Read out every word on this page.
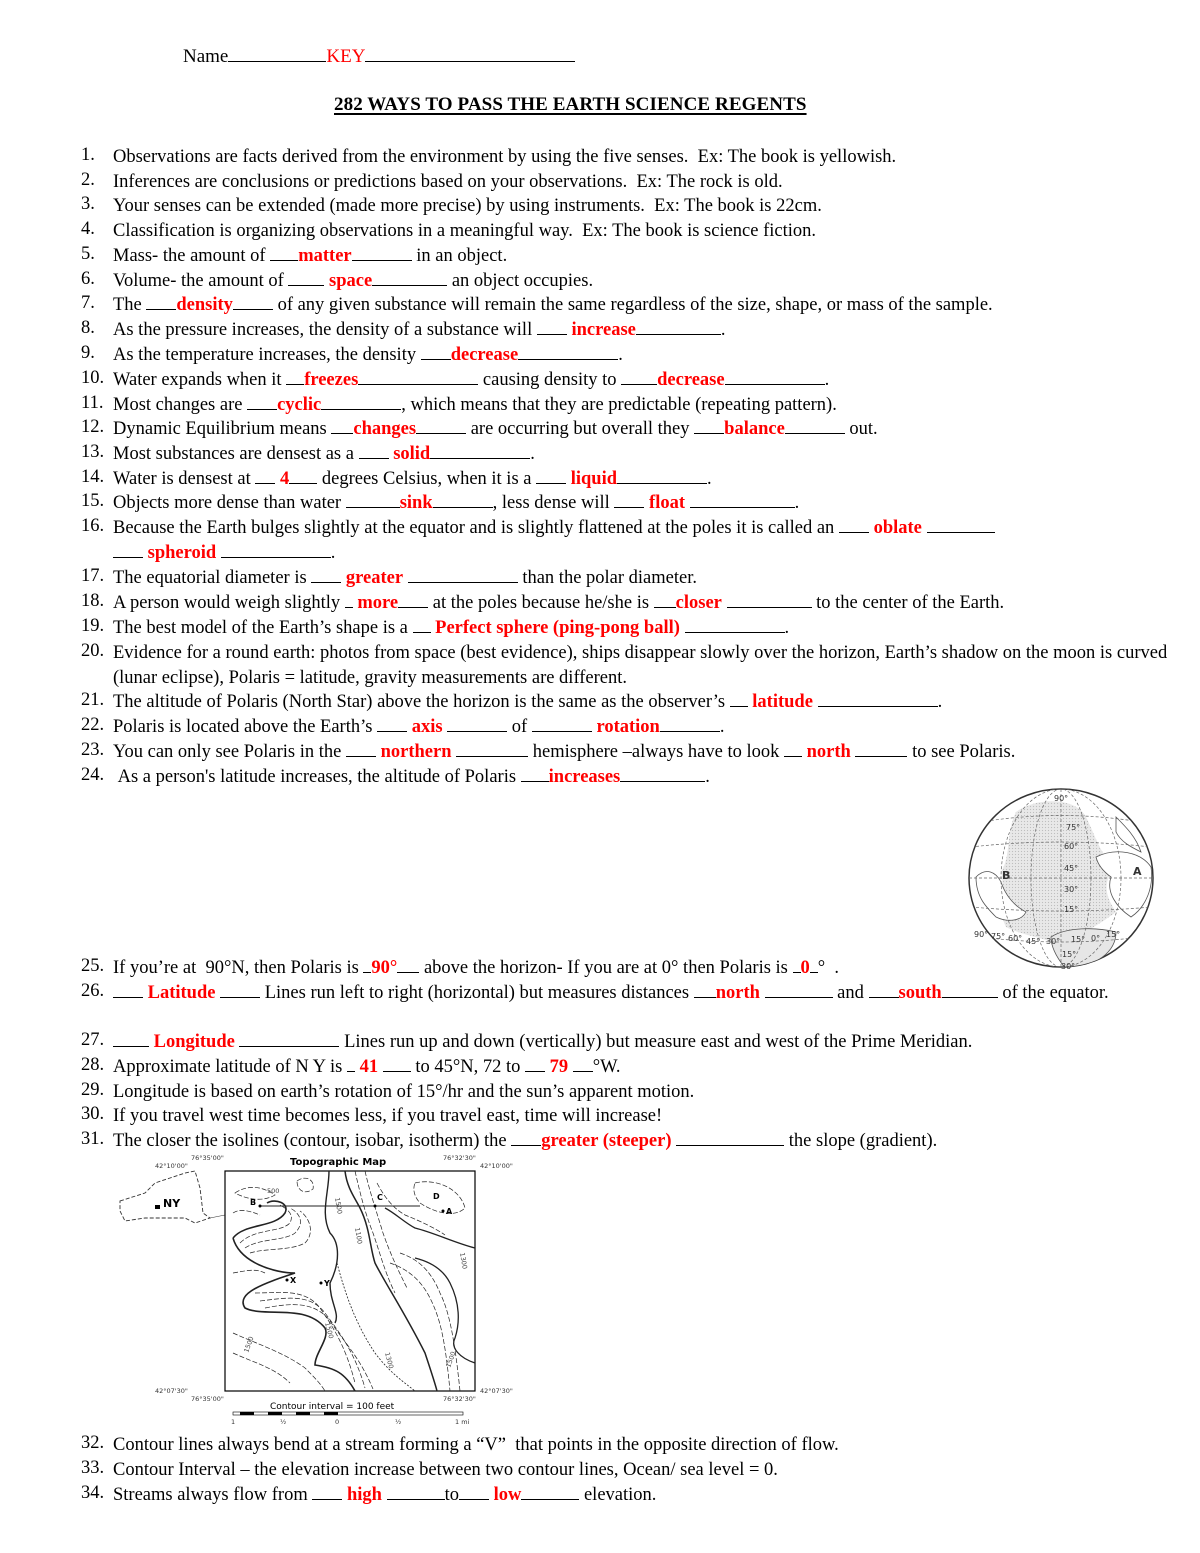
Name	KEY
282 WAYS TO PASS THE EARTH SCIENCE REGENTS
1. Observations are facts derived from the environment by using the five senses.  Ex: The book is yellowish.
2. Inferences are conclusions or predictions based on your observations.  Ex: The rock is old.
3. Your senses can be extended (made more precise) by using instruments.  Ex: The book is 22cm.
4. Classification is organizing observations in a meaningful way.  Ex: The book is science fiction.
5. Mass- the amount of matter	in an object.
6. Volume- the amount of  space	an object occupies.
7. The density of any given substance will remain the same regardless of the size, shape, or mass of the sample.
8. As the pressure increases, the density of a substance will  increase	.
9. As the temperature increases, the density decrease	.
10. Water expands when it freezes	causing density to decrease	.
11. Most changes are cyclic	, which means that they are predictable (repeating pattern).
12. Dynamic Equilibrium means changes	are occurring but overall they balance	out.
13. Most substances are densest as a  solid	.
14. Water is densest at  4 degrees Celsius, when it is a  liquid	.
15. Objects more dense than water	sink	, less dense will  float	.
16. Because the Earth bulges slightly at the equator and is slightly flattened at the poles it is called an  oblate
spheroid	.
17. The equatorial diameter is  greater	than the polar diameter.
18. A person would weigh slightly  more at the poles because he/she is closer	to the center of the Earth.
19. The best model of the Earth’s shape is a  Perfect sphere (ping-pong ball)	.
20. Evidence for a round earth: photos from space (best evidence), ships disappear slowly over the horizon, Earth’s shadow on the moon is curved (lunar eclipse), Polaris = latitude, gravity measurements are different.
21. The altitude of Polaris (North Star) above the horizon is the same as the observer’s  latitude	.
22. Polaris is located above the Earth’s  axis	of	rotation	.
23. You can only see Polaris in the  northern	hemisphere –always have to look  north	to see Polaris.
24. As a person's latitude increases, the altitude of Polaris increases	.
25. If you’re at  90°N, then Polaris is 90° above the horizon- If you are at 0° then Polaris is 0 °  .
26.	Latitude  Lines run left to right (horizontal) but measures distances north	and south	of the equator.
27.	Longitude	Lines run up and down (vertically) but measure east and west of the Prime Meridian.
28. Approximate latitude of N Y is  41  to 45°N, 72 to  79 °W.
29. Longitude is based on earth’s rotation of 15°/hr and the sun’s apparent motion.
30. If you travel west time becomes less, if you travel east, time will increase!
31. The closer the isolines (contour, isobar, isotherm) the greater (steeper)	the slope (gradient).
32. Contour lines always bend at a stream forming a “V”  that points in the opposite direction of flow.
33. Contour Interval – the elevation increase between two contour lines, Ocean/ sea level = 0.
34. Streams always flow from  high	to low	elevation.
90°
75°
60°
45°
30°
15°
90° 75° 60° 45° 30° 15° 0° 15°
15°
30°
B	A
NY
Topographic Map
76°35'00"
42°10'00"
76°32'30"
42°10'00"
42°07'30"
76°35'00"
42°07'30"
76°32'30"
B
C
A
D
X	Y
500
1500
1100
1300
1500
1300
1500
1500
Contour interval = 100 feet
1	½	0	½	1 mi
